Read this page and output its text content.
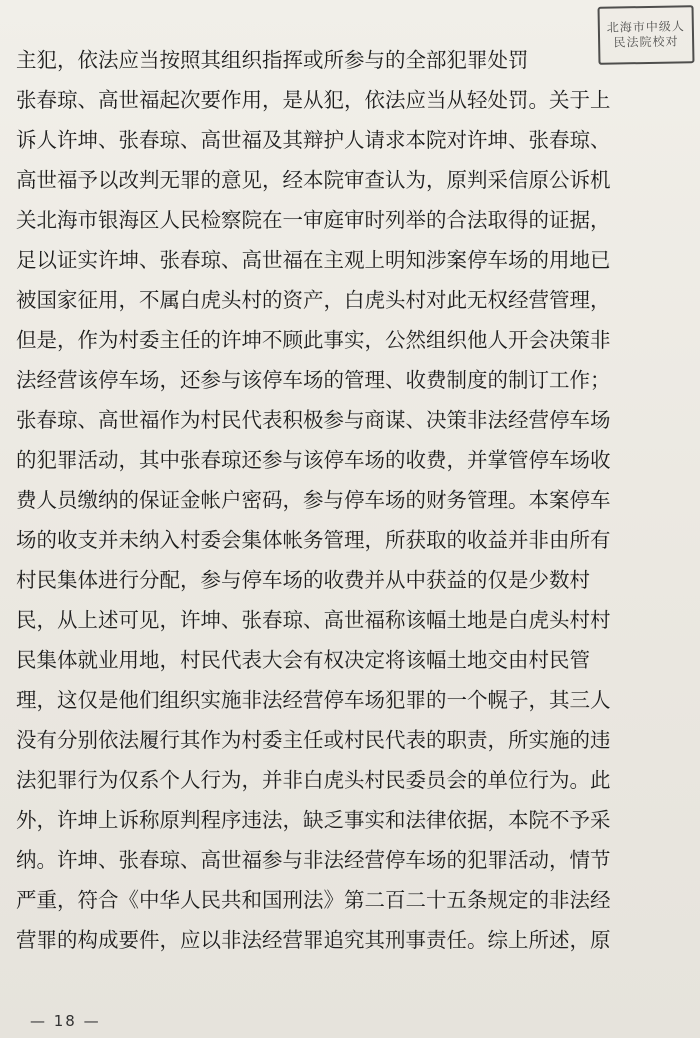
北海市中级人
民法院校对
主犯，依法应当按照其组织指挥或所参与的全部犯罪处罚
张春琼、高世福起次要作用，是从犯，依法应当从轻处罚。关于上
诉人许坤、张春琼、高世福及其辩护人请求本院对许坤、张春琼、
高世福予以改判无罪的意见，经本院审查认为，原判采信原公诉机
关北海市银海区人民检察院在一审庭审时列举的合法取得的证据，
足以证实许坤、张春琼、高世福在主观上明知涉案停车场的用地已
被国家征用，不属白虎头村的资产，白虎头村对此无权经营管理，
但是，作为村委主任的许坤不顾此事实，公然组织他人开会决策非
法经营该停车场，还参与该停车场的管理、收费制度的制订工作；
张春琼、高世福作为村民代表积极参与商谋、决策非法经营停车场
的犯罪活动，其中张春琼还参与该停车场的收费，并掌管停车场收
费人员缴纳的保证金帐户密码，参与停车场的财务管理。本案停车
场的收支并未纳入村委会集体帐务管理，所获取的收益并非由所有
村民集体进行分配，参与停车场的收费并从中获益的仅是少数村
民，从上述可见，许坤、张春琼、高世福称该幅土地是白虎头村村
民集体就业用地，村民代表大会有权决定将该幅土地交由村民管
理，这仅是他们组织实施非法经营停车场犯罪的一个幌子，其三人
没有分别依法履行其作为村委主任或村民代表的职责，所实施的违
法犯罪行为仅系个人行为，并非白虎头村民委员会的单位行为。此
外，许坤上诉称原判程序违法，缺乏事实和法律依据，本院不予采
纳。许坤、张春琼、高世福参与非法经营停车场的犯罪活动，情节
严重，符合《中华人民共和国刑法》第二百二十五条规定的非法经
营罪的构成要件，应以非法经营罪追究其刑事责任。综上所述，原
— 18 —
